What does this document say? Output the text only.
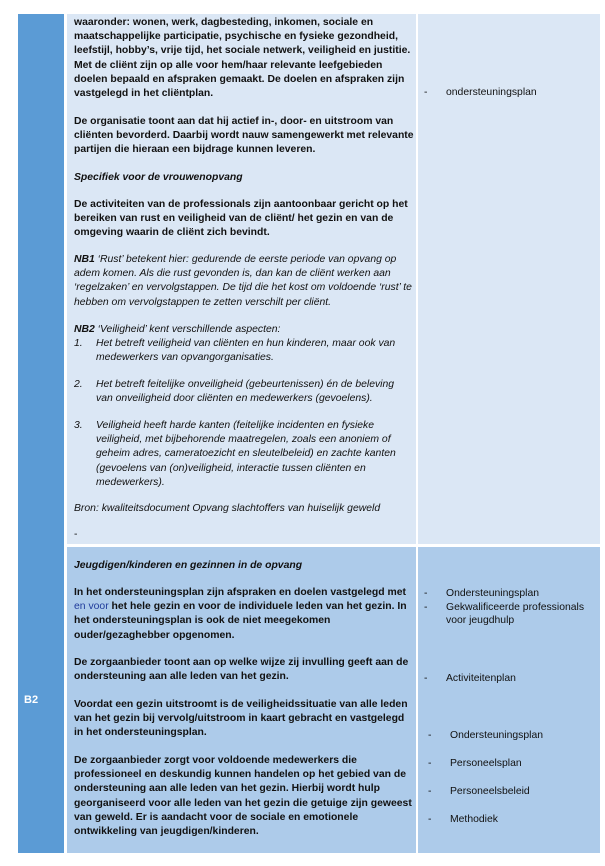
B2
waaronder: wonen, werk, dagbesteding, inkomen, sociale en maatschappelijke participatie, psychische en fysieke gezondheid, leefstijl, hobby’s, vrije tijd, het sociale netwerk, veiligheid en justitie. Met de cliënt zijn op alle voor hem/haar relevante leefgebieden doelen bepaald en afspraken gemaakt. De doelen en afspraken zijn vastgelegd in het cliëntplan.
De organisatie toont aan dat hij actief in-, door- en uitstroom van cliënten bevorderd. Daarbij wordt nauw samengewerkt met relevante partijen die hieraan een bijdrage kunnen leveren.
Specifiek voor de vrouwenopvang
De activiteiten van de professionals zijn aantoonbaar gericht op het bereiken van rust en veiligheid van de cliënt/ het gezin en van de omgeving waarin de cliënt zich bevindt.
NB1 ‘Rust’ betekent hier: gedurende de eerste periode van opvang op adem komen. Als die rust gevonden is, dan kan de cliënt werken aan ‘regelzaken’ en vervolgstappen. De tijd die het kost om voldoende ‘rust’ te hebben om vervolgstappen te zetten verschilt per cliënt.
NB2 ‘Veiligheid’ kent verschillende aspecten:
1. Het betreft veiligheid van cliënten en hun kinderen, maar ook van medewerkers van opvangorganisaties.
2. Het betreft feitelijke onveiligheid (gebeurtenissen) én de beleving van onveiligheid door cliënten en medewerkers (gevoelens).
3. Veiligheid heeft harde kanten (feitelijke incidenten en fysieke veiligheid, met bijbehorende maatregelen, zoals een anoniem of geheim adres, cameratoezicht en sleutelbeleid) en zachte kanten (gevoelens van (on)veiligheid, interactie tussen cliënten en medewerkers).
Bron: kwaliteitsdocument Opvang slachtoffers van huiselijk geweld
-
- ondersteuningsplan
Jeugdigen/kinderen en gezinnen in de opvang
In het ondersteuningsplan zijn afspraken en doelen vastgelegd met en voor het hele gezin en voor de individuele leden van het gezin. In het ondersteuningsplan is ook de niet meegekomen ouder/gezaghebber opgenomen.
De zorgaanbieder toont aan op welke wijze zij invulling geeft aan de ondersteuning aan alle leden van het gezin.
Voordat een gezin uitstroomt is de veiligheidssituatie van alle leden van het gezin bij vervolg/uitstroom in kaart gebracht en vastgelegd in het ondersteuningsplan.
De zorgaanbieder zorgt voor voldoende medewerkers die professioneel en deskundig kunnen handelen op het gebied van de ondersteuning aan alle leden van het gezin. Hierbij wordt hulp georganiseerd voor alle leden van het gezin die getuige zijn geweest van geweld. Er is aandacht voor de sociale en emotionele ontwikkeling van jeugdigen/kinderen.
- Ondersteuningsplan
- Gekwalificeerde professionals voor jeugdhulp
- Activiteitenplan
- Ondersteuningsplan
- Personeelsplan
- Personeelsbeleid
- Methodiek
